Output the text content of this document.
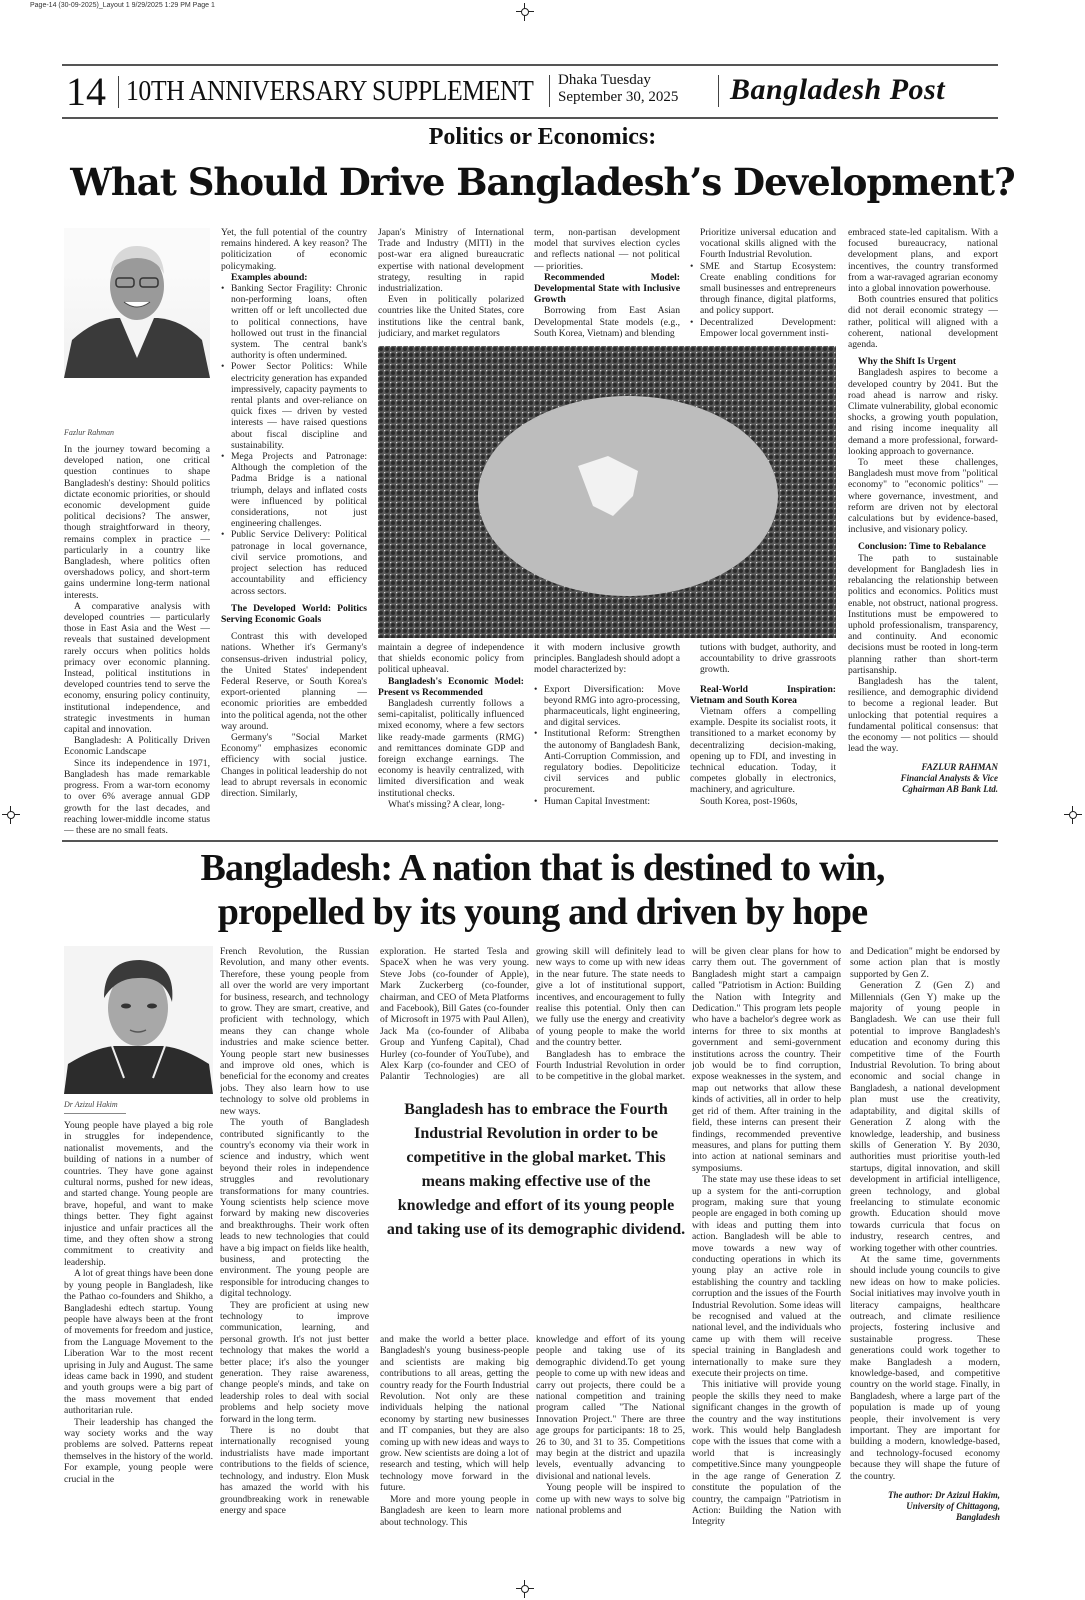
Page-14 (30-09-2025)_Layout 1 9/29/2025 1:29 PM Page 1
14 10TH ANNIVERSARY SUPPLEMENT Dhaka Tuesday
September 30, 2025 Bangladesh Post
Politics or Economics:
What Should Drive Bangladesh’s Development?
Fazlur Rahman

In the journey toward becoming a developed nation, one critical question continues to shape Bangladesh's destiny: Should politics dictate economic priorities, or should economic development guide political decisions? The answer, though straightforward in theory, remains complex in practice — particularly in a country like Bangladesh, where politics often overshadows policy, and short-term gains undermine long-term national interests.

A comparative analysis with developed countries — particularly those in East Asia and the West — reveals that sustained development rarely occurs when politics holds primacy over economic planning. Instead, political institutions in developed countries tend to serve the economy, ensuring policy continuity, institutional independence, and strategic investments in human capital and innovation.

Bangladesh: A Politically Driven Economic Landscape

Since its independence in 1971, Bangladesh has made remarkable progress. From a war-torn economy to over 6% average annual GDP growth for the last decades, and reaching lower-middle income status — these are no small feats.

Yet, the full potential of the country remains hindered. A key reason? The politicization of economic policymaking.

Examples abound:

• Banking Sector Fragility: Chronic non-performing loans, often written off or left uncollected due to political connections, have hollowed out trust in the financial system. The central bank's authority is often undermined.
• Power Sector Politics: While electricity generation has expanded impressively, capacity payments to rental plants and over-reliance on quick fixes — driven by vested interests — have raised questions about fiscal discipline and sustainability.
• Mega Projects and Patronage: Although the completion of the Padma Bridge is a national triumph, delays and inflated costs were influenced by political considerations, not just engineering challenges.
• Public Service Delivery: Political patronage in local governance, civil service promotions, and project selection has reduced accountability and efficiency across sectors.

The Developed World: Politics Serving Economic Goals

Contrast this with developed nations. Whether it's Germany's consensus-driven industrial policy, the United States' independent Federal Reserve, or South Korea's export-oriented planning — economic priorities are embedded into the political agenda, not the other way around.

Germany's "Social Market Economy" emphasizes economic efficiency with social justice. Changes in political leadership do not lead to abrupt reversals in economic direction. Similarly,

Japan's Ministry of International Trade and Industry (MITI) in the post-war era aligned bureaucratic expertise with national development strategy, resulting in rapid industrialization.

Even in politically polarized countries like the United States, core institutions like the central bank, judiciary, and market regulators

term, non-partisan development model that survives election cycles and reflects national — not political — priorities.

Recommended Model: Developmental State with Inclusive Growth

Borrowing from East Asian Developmental State models (e.g., South Korea, Vietnam) and blending

Prioritize universal education and vocational skills aligned with the Fourth Industrial Revolution.

• SME and Startup Ecosystem: Create enabling conditions for small businesses and entrepreneurs through finance, digital platforms, and policy support.
• Decentralized Development: Empower local government insti-

maintain a degree of independence that shields economic policy from political upheaval.

Bangladesh's Economic Model: Present vs Recommended

Bangladesh currently follows a semi-capitalist, politically influenced mixed economy, where a few sectors like ready-made garments (RMG) and remittances dominate GDP and foreign exchange earnings. The economy is heavily centralized, with limited diversification and weak institutional checks.

What's missing? A clear, long-

it with modern inclusive growth principles. Bangladesh should adopt a model characterized by:

• Export Diversification: Move beyond RMG into agro-processing, pharmaceuticals, light engineering, and digital services.
• Institutional Reform: Strengthen the autonomy of Bangladesh Bank, Anti-Corruption Commission, and regulatory bodies. Depoliticize civil services and public procurement.
• Human Capital Investment:

tutions with budget, authority, and accountability to drive grassroots growth.

Real-World Inspiration: Vietnam and South Korea

Vietnam offers a compelling example. Despite its socialist roots, it transitioned to a market economy by decentralizing decision-making, opening up to FDI, and investing in technical education. Today, it competes globally in electronics, machinery, and agriculture.

South Korea, post-1960s,

embraced state-led capitalism. With a focused bureaucracy, national development plans, and export incentives, the country transformed from a war-ravaged agrarian economy into a global innovation powerhouse.

Both countries ensured that politics did not derail economic strategy — rather, political will aligned with a coherent, national development agenda.

Why the Shift Is Urgent

Bangladesh aspires to become a developed country by 2041. But the road ahead is narrow and risky. Climate vulnerability, global economic shocks, a growing youth population, and rising income inequality all demand a more professional, forward-looking approach to governance.

To meet these challenges, Bangladesh must move from "political economy" to "economic politics" — where governance, investment, and reform are driven not by electoral calculations but by evidence-based, inclusive, and visionary policy.

Conclusion: Time to Rebalance

The path to sustainable development for Bangladesh lies in rebalancing the relationship between politics and economics. Politics must enable, not obstruct, national progress. Institutions must be empowered to uphold professionalism, transparency, and continuity. And economic decisions must be rooted in long-term planning rather than short-term partisanship.

Bangladesh has the talent, resilience, and demographic dividend to become a regional leader. But unlocking that potential requires a fundamental political consensus: that the economy — not politics — should lead the way.

FAZLUR RAHMAN
Financial Analysts & Vice
Cghairman AB Bank Ltd.
Bangladesh: A nation that is destined to win,
propelled by its young and driven by hope
Dr Azizul Hakim

Young people have played a big role in struggles for independence, nationalist movements, and the building of nations in a number of countries. They have gone against cultural norms, pushed for new ideas, and started change. Young people are brave, hopeful, and want to make things better. They fight against injustice and unfair practices all the time, and they often show a strong commitment to creativity and leadership.

A lot of great things have been done by young people in Bangladesh, like the Pathao co-founders and Shikho, a Bangladeshi edtech startup. Young people have always been at the front of movements for freedom and justice, from the Language Movement to the Liberation War to the most recent uprising in July and August. The same ideas came back in 1990, and student and youth groups were a big part of the mass movement that ended authoritarian rule.

Their leadership has changed the way society works and the way problems are solved. Patterns repeat themselves in the history of the world. For example, young people were crucial in the

French Revolution, the Russian Revolution, and many other events. Therefore, these young people from all over the world are very important for business, research, and technology to grow. They are smart, creative, and proficient with technology, which means they can change whole industries and make science better. Young people start new businesses and improve old ones, which is beneficial for the economy and creates jobs. They also learn how to use technology to solve old problems in new ways.

The youth of Bangladesh contributed significantly to the country's economy via their work in science and industry, which went beyond their roles in independence struggles and revolutionary transformations for many countries. Young scientists help science move forward by making new discoveries and breakthroughs. Their work often leads to new technologies that could have a big impact on fields like health, business, and protecting the environment. The young people are responsible for introducing changes to digital technology.

They are proficient at using new technology to improve communication, learning, and personal growth. It's not just better technology that makes the world a better place; it's also the younger generation. They raise awareness, change people's minds, and take on leadership roles to deal with social problems and help society move forward in the long term.

There is no doubt that internationally recognised young industrialists have made important contributions to the fields of science, technology, and industry. Elon Musk has amazed the world with his groundbreaking work in renewable energy and space

exploration. He started Tesla and SpaceX when he was very young. Steve Jobs (co-founder of Apple), Mark Zuckerberg (co-founder, chairman, and CEO of Meta Platforms and Facebook), Bill Gates (co-founder of Microsoft in 1975 with Paul Allen), Jack Ma (co-founder of Alibaba Group and Yunfeng Capital), Chad Hurley (co-founder of YouTube), and Alex Karp (co-founder and CEO of Palantir Technologies) are all

growing skill will definitely lead to new ways to come up with new ideas in the near future. The state needs to give a lot of institutional support, incentives, and encouragement to fully realise this potential. Only then can we fully use the energy and creativity of young people to make the world and the country better.

Bangladesh has to embrace the Fourth Industrial Revolution in order to be competitive in the global market.

Bangladesh has to embrace the Fourth Industrial Revolution in order to be competitive in the global market. This means making effective use of the knowledge and effort of its young people and taking use of its demographic dividend.

and make the world a better place. Bangladesh's young business-people and scientists are making big contributions to all areas, getting the country ready for the Fourth Industrial Revolution. Not only are these individuals helping the national economy by starting new businesses and IT companies, but they are also coming up with new ideas and ways to grow. New scientists are doing a lot of research and testing, which will help technology move forward in the future.

More and more young people in Bangladesh are keen to learn more about technology. This

knowledge and effort of its young people and taking use of its demographic dividend.To get young people to come up with new ideas and carry out projects, there could be a national competition and training program called "The National Innovation Project." There are three age groups for participants: 18 to 25, 26 to 30, and 31 to 35. Competitions may begin at the district and upazila levels, eventually advancing to divisional and national levels.

Young people will be inspired to come up with new ways to solve big national problems and

will be given clear plans for how to carry them out. The government of Bangladesh might start a campaign called "Patriotism in Action: Building the Nation with Integrity and Dedication." This program lets people who have a bachelor's degree work as interns for three to six months at government and semi-government institutions across the country. Their job would be to find corruption, expose weaknesses in the system, and map out networks that allow these kinds of activities, all in order to help get rid of them. After training in the field, these interns can present their findings, recommended preventive measures, and plans for putting them into action at national seminars and symposiums.

The state may use these ideas to set up a system for the anti-corruption program, making sure that young people are engaged in both coming up with ideas and putting them into action. Bangladesh will be able to move towards a new way of conducting operations in which its young play an active role in establishing the country and tackling corruption and the issues of the Fourth Industrial Revolution. Some ideas will be recognised and valued at the national level, and the individuals who came up with them will receive special training in Bangladesh and internationally to make sure they execute their projects on time.

This initiative will provide young people the skills they need to make significant changes in the growth of the country and the way institutions work. This would help Bangladesh cope with the issues that come with a world that is increasingly competitive.Since many youngpeople in the age range of Generation Z constitute the population of the country, the campaign "Patriotism in Action: Building the Nation with Integrity

and Dedication" might be endorsed by some action plan that is mostly supported by Gen Z.

Generation Z (Gen Z) and Millennials (Gen Y) make up the majority of young people in Bangladesh. We can use their full potential to improve Bangladesh's education and economy during this competitive time of the Fourth Industrial Revolution. To bring about economic and social change in Bangladesh, a national development plan must use the creativity, adaptability, and digital skills of Generation Z along with the knowledge, leadership, and business skills of Generation Y. By 2030, authorities must prioritise youth-led startups, digital innovation, and skill development in artificial intelligence, green technology, and global freelancing to stimulate economic growth. Education should move towards curricula that focus on industry, research centres, and working together with other countries.

At the same time, governments should include young councils to give new ideas on how to make policies. Social initiatives may involve youth in literacy campaigns, healthcare outreach, and climate resilience projects, fostering inclusive and sustainable progress. These generations could work together to make Bangladesh a modern, knowledge-based, and competitive country on the world stage. Finally, in Bangladesh, where a large part of the population is made up of young people, their involvement is very important. They are important for building a modern, knowledge-based, and technology-focused economy because they will shape the future of the country.

The author: Dr Azizul Hakim,
University of Chittagong,
Bangladesh
